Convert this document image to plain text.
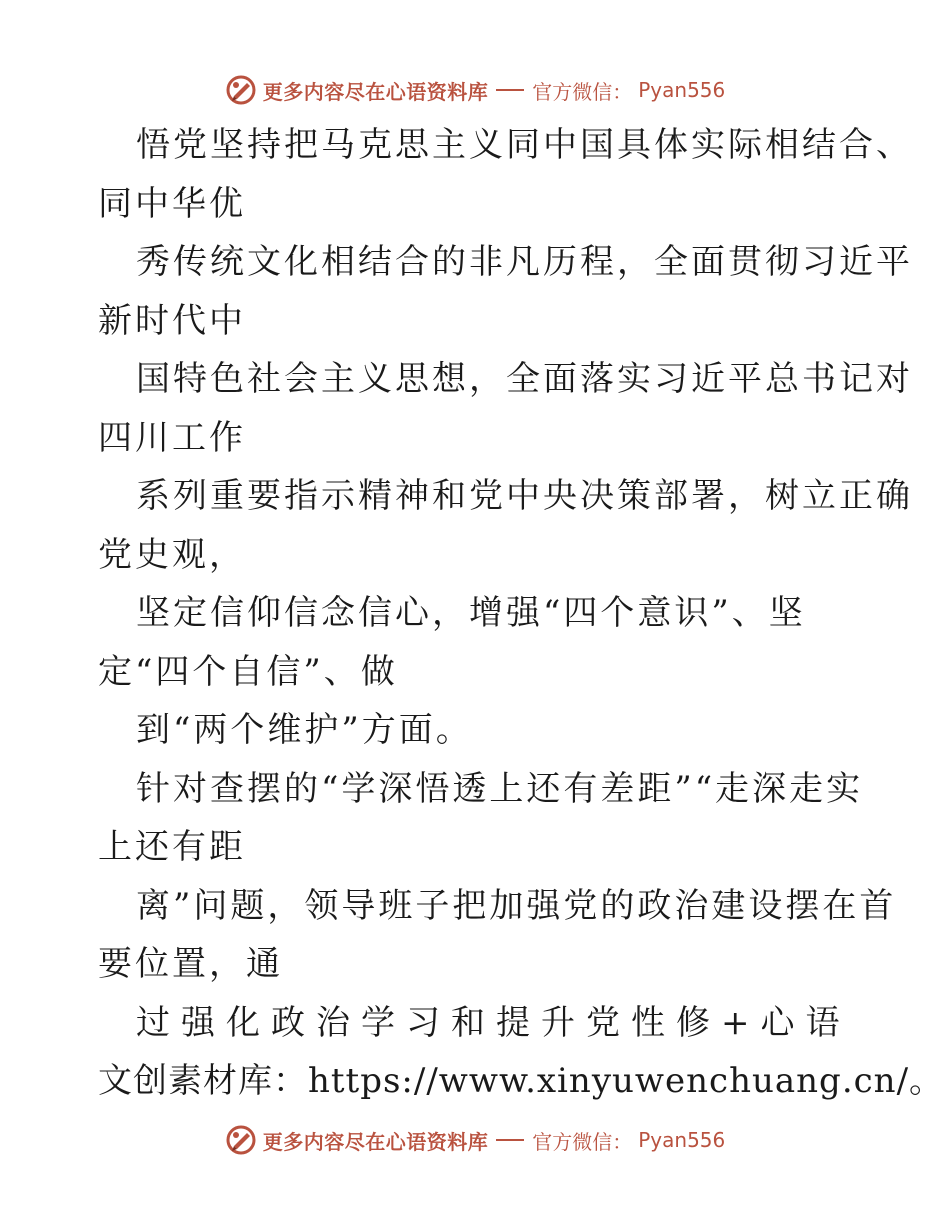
更多内容尽在心语资料库 官方微信： Pyan556
悟党坚持把马克思主义同中国具体实际相结合、
同中华优
秀传统文化相结合的非凡历程，全面贯彻习近平
新时代中
国特色社会主义思想，全面落实习近平总书记对
四川工作
系列重要指示精神和党中央决策部署，树立正确
党史观，
坚定信仰信念信心，增强“四个意识”、坚
定“四个自信”、做
到“两个维护”方面。
针对查摆的“学深悟透上还有差距”“走深走实
上还有距
离”问题，领导班子把加强党的政治建设摆在首
要位置，通
过强化政治学习和提升党性修+心语
文创素材库：https://www.xinyuwenchuang.cn/。
更多内容尽在心语资料库 官方微信： Pyan556
